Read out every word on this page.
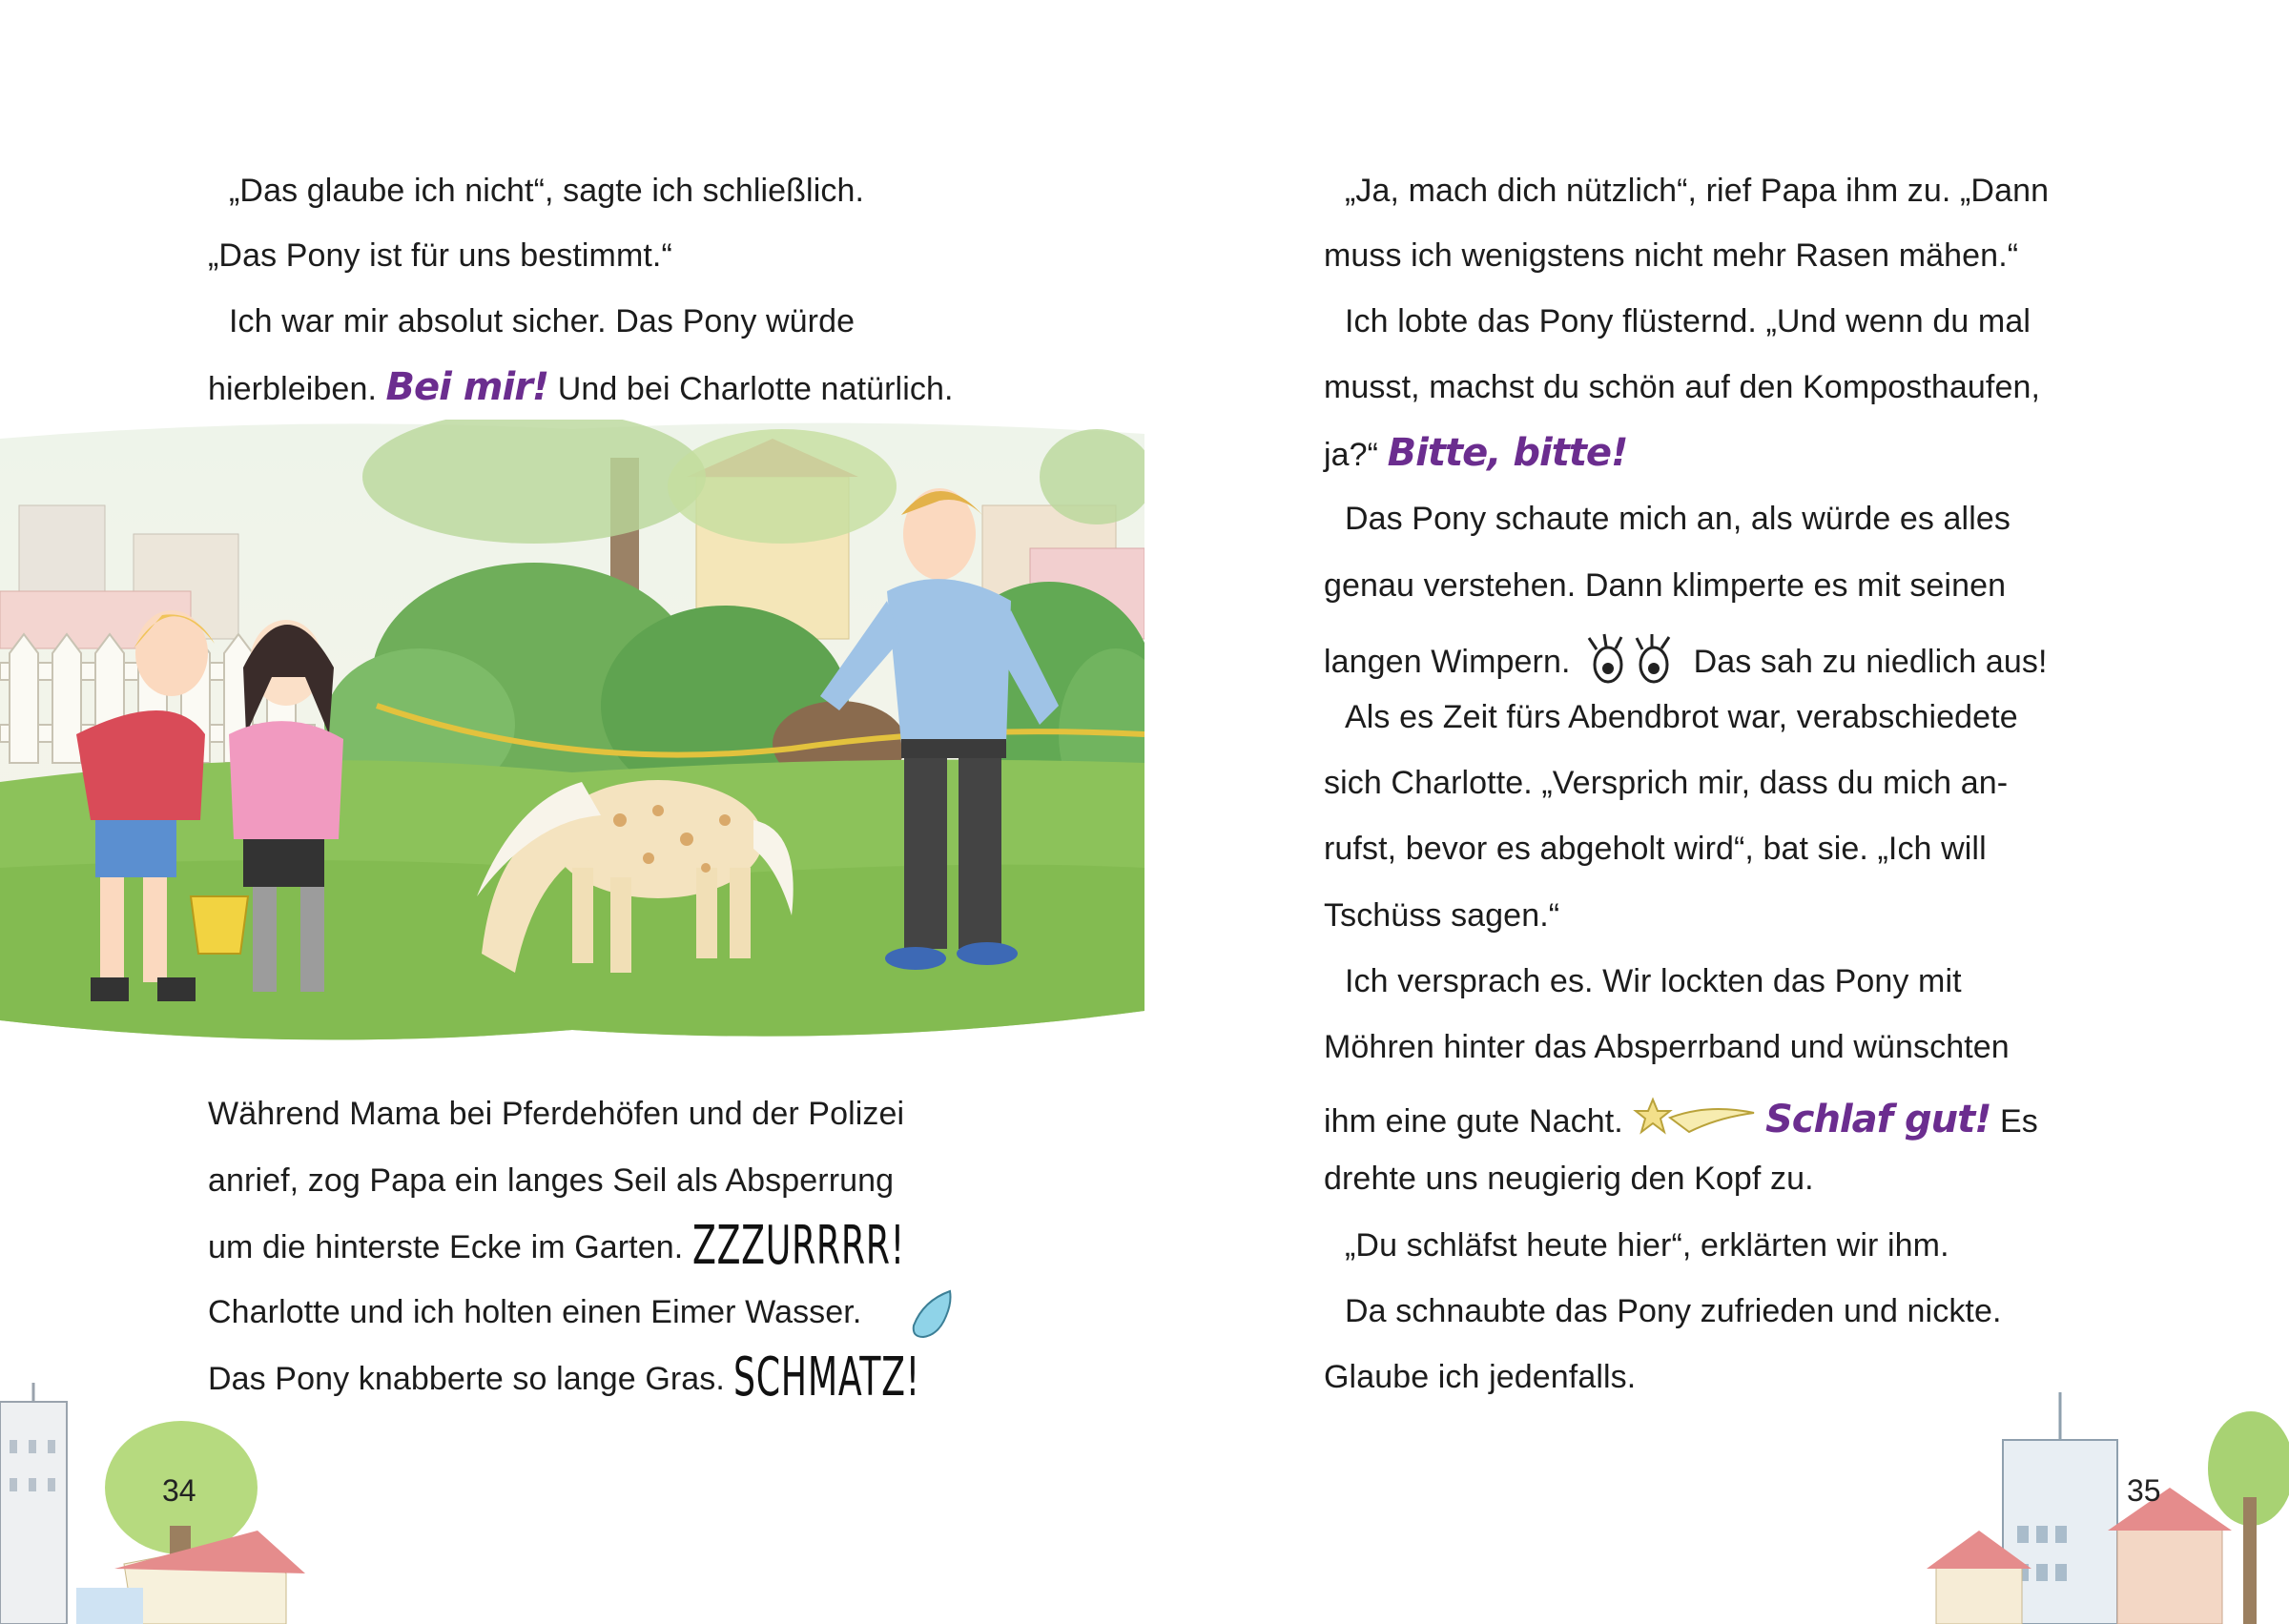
„Das glaube ich nicht“, sagte ich schließlich.
„Das Pony ist für uns bestimmt.“
Ich war mir absolut sicher. Das Pony würde
hierbleiben. Bei mir! Und bei Charlotte natürlich.
Während Mama bei Pferdehöfen und der Polizei
anrief, zog Papa ein langes Seil als Absperrung
um die hinterste Ecke im Garten. ZZZURRRR!
Charlotte und ich holten einen Eimer Wasser.
Das Pony knabberte so lange Gras. SCHMATZ!
34
„Ja, mach dich nützlich“, rief Papa ihm zu. „Dann
muss ich wenigstens nicht mehr Rasen mähen.“
Ich lobte das Pony flüsternd. „Und wenn du mal
musst, machst du schön auf den Komposthaufen,
ja?“ Bitte, bitte!
Das Pony schaute mich an, als würde es alles
genau verstehen. Dann klimperte es mit seinen
langen Wimpern.	Das sah zu niedlich aus!
Als es Zeit fürs Abendbrot war, verabschiedete
sich Charlotte. „Versprich mir, dass du mich an-
rufst, bevor es abgeholt wird“, bat sie. „Ich will
Tschüss sagen.“
Ich versprach es. Wir lockten das Pony mit
Möhren hinter das Absperrband und wünschten
ihm eine gute Nacht.	Schlaf gut! Es
drehte uns neugierig den Kopf zu.
„Du schläfst heute hier“, erklärten wir ihm.
Da schnaubte das Pony zufrieden und nickte.
Glaube ich jedenfalls.
35
